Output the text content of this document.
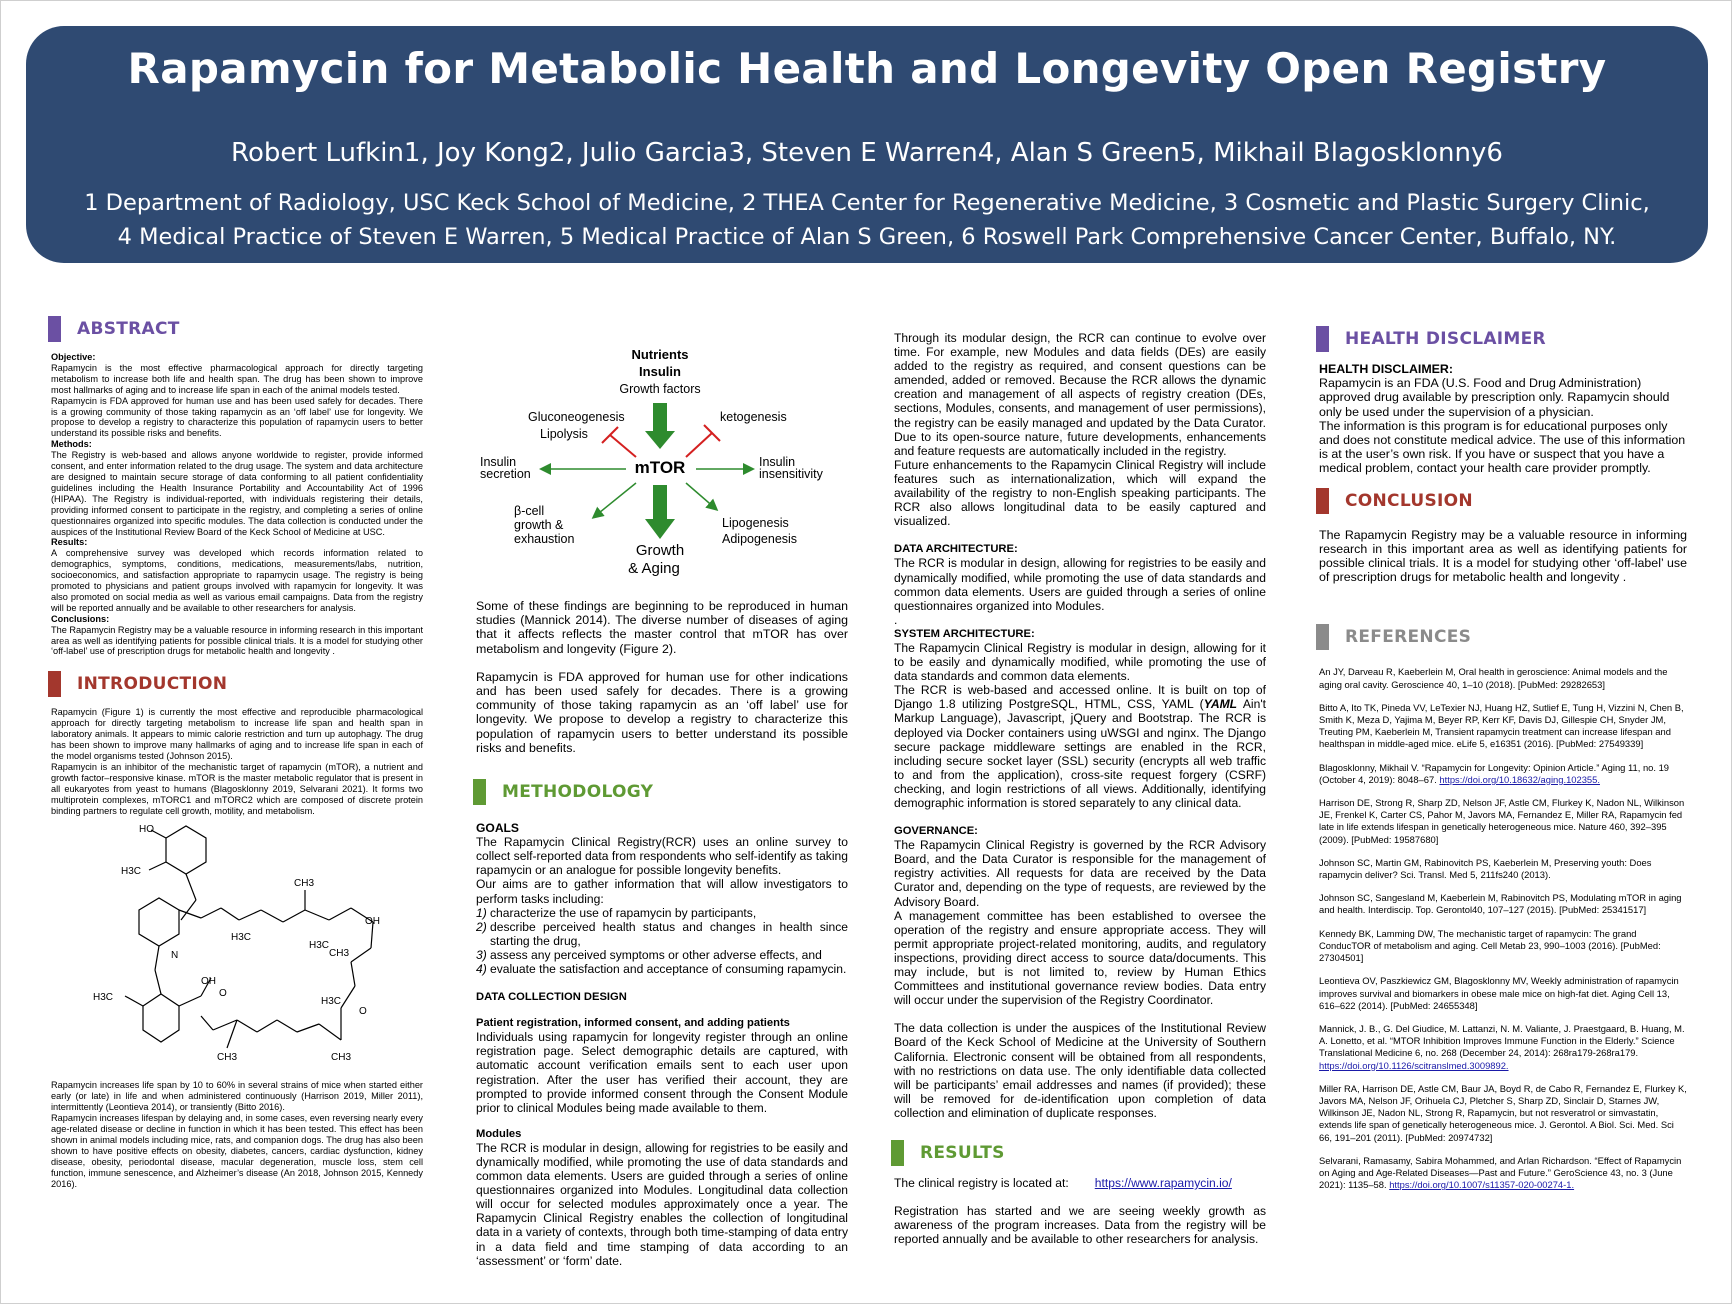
Rapamycin for Metabolic Health and Longevity Open Registry
Robert Lufkin1, Joy Kong2, Julio Garcia3, Steven E Warren4, Alan S Green5, Mikhail Blagosklonny6
1 Department of Radiology, USC Keck School of Medicine, 2 THEA Center for Regenerative Medicine, 3 Cosmetic and Plastic Surgery Clinic,
4 Medical Practice of Steven E Warren, 5 Medical Practice of Alan S Green, 6 Roswell Park Comprehensive Cancer Center, Buffalo, NY.
ABSTRACT

Objective:

Rapamycin is the most effective pharmacological approach for directly targeting metabolism to increase both life and health span. The drug has been shown to improve most hallmarks of aging and to increase life span in each of the animal models tested.

Rapamycin is FDA approved for human use and has been used safely for decades. There is a growing community of those taking rapamycin as an ‘off label’ use for longevity. We propose to develop a registry to characterize this population of rapamycin users to better understand its possible risks and benefits.

Methods:

The Registry is web-based and allows anyone worldwide to register, provide informed consent, and enter information related to the drug usage. The system and data architecture are designed to maintain secure storage of data conforming to all patient confidentiality guidelines including the Health Insurance Portability and Accountability Act of 1996 (HIPAA). The Registry is individual-reported, with individuals registering their details, providing informed consent to participate in the registry, and completing a series of online questionnaires organized into specific modules. The data collection is conducted under the auspices of the Institutional Review Board of the Keck School of Medicine at USC.

Results:

A comprehensive survey was developed which records information related to demographics, symptoms, conditions, medications, measurements/labs, nutrition, socioeconomics, and satisfaction appropriate to rapamycin usage. The registry is being promoted to physicians and patient groups involved with rapamycin for longevity. It was also promoted on social media as well as various email campaigns. Data from the registry will be reported annually and be available to other researchers for analysis.

Conclusions:

The Rapamycin Registry may be a valuable resource in informing research in this important area as well as identifying patients for possible clinical trials. It is a model for studying other ‘off-label’ use of prescription drugs for metabolic health and longevity .

INTRODUCTION

Rapamycin (Figure 1) is currently the most effective and reproducible pharmacological approach for directly targeting metabolism to increase life span and health span in laboratory animals. It appears to mimic calorie restriction and turn up autophagy. The drug has been shown to improve many hallmarks of aging and to increase life span in each of the model organisms tested (Johnson 2015).

Rapamycin is an inhibitor of the mechanistic target of rapamycin (mTOR), a nutrient and growth factor–responsive kinase. mTOR is the master metabolic regulator that is present in all eukaryotes from yeast to humans (Blagosklonny 2019, Selvarani 2021). It forms two multiprotein complexes, mTORC1 and mTORC2 which are composed of discrete protein binding partners to regulate cell growth, motility, and metabolism.

HO
H3C
CH3
H3C
OH
H3C
OH
O
O
N
H3C	H3C
CH3	CH3
CH3

Rapamycin increases life span by 10 to 60% in several strains of mice when started either early (or late) in life and when administered continuously (Harrison 2019, Miller 2011), intermittently (Leontieva 2014), or transiently (Bitto 2016).

Rapamycin increases lifespan by delaying and, in some cases, even reversing nearly every age-related disease or decline in function in which it has been tested. This effect has been shown in animal models including mice, rats, and companion dogs. The drug has also been shown to have positive effects on obesity, diabetes, cancers, cardiac dysfunction, kidney disease, obesity, periodontal disease, macular degeneration, muscle loss, stem cell function, immune senescence, and Alzheimer’s disease (An 2018, Johnson 2015, Kennedy 2016).

Nutrients
Insulin
Growth factors
Gluconeogenesis
Lipolysis
ketogenesis
mTOR
Insulin
secretion
Insulin
insensitivity
β-cell
growth &
exhaustion
Lipogenesis
Adipogenesis
Growth
& Aging

Some of these findings are beginning to be reproduced in human studies (Mannick 2014). The diverse number of diseases of aging that it affects reflects the master control that mTOR has over metabolism and longevity (Figure 2).

Rapamycin is FDA approved for human use for other indications and has been used safely for decades. There is a growing community of those taking rapamycin as an ‘off label’ use for longevity. We propose to develop a registry to characterize this population of rapamycin users to better understand its possible risks and benefits.

METHODOLOGY

GOALS

The Rapamycin Clinical Registry(RCR) uses an online survey to collect self-reported data from respondents who self-identify as taking rapamycin or an analogue for possible longevity benefits.

Our aims are to gather information that will allow investigators to perform tasks including:

1) characterize the use of rapamycin by participants,
2) describe perceived health status and changes in health since starting the drug,
3) assess any perceived symptoms or other adverse effects, and
4) evaluate the satisfaction and acceptance of consuming rapamycin.

DATA COLLECTION DESIGN

Patient registration, informed consent, and adding patients

Individuals using rapamycin for longevity register through an online registration page. Select demographic details are captured, with automatic account verification emails sent to each user upon registration. After the user has verified their account, they are prompted to provide informed consent through the Consent Module prior to clinical Modules being made available to them.

Modules

The RCR is modular in design, allowing for registries to be easily and dynamically modified, while promoting the use of data standards and common data elements. Users are guided through a series of online questionnaires organized into Modules. Longitudinal data collection will occur for selected modules approximately once a year. The Rapamycin Clinical Registry enables the collection of longitudinal data in a variety of contexts, through both time-stamping of data entry in a data field and time stamping of data according to an ‘assessment’ or ‘form’ date.

Through its modular design, the RCR can continue to evolve over time. For example, new Modules and data fields (DEs) are easily added to the registry as required, and consent questions can be amended, added or removed. Because the RCR allows the dynamic creation and management of all aspects of registry creation (DEs, sections, Modules, consents, and management of user permissions), the registry can be easily managed and updated by the Data Curator. Due to its open-source nature, future developments, enhancements and feature requests are automatically included in the registry.

Future enhancements to the Rapamycin Clinical Registry will include features such as internationalization, which will expand the availability of the registry to non-English speaking participants. The RCR also allows longitudinal data to be easily captured and visualized.

DATA ARCHITECTURE:

The RCR is modular in design, allowing for registries to be easily and dynamically modified, while promoting the use of data standards and common data elements. Users are guided through a series of online questionnaires organized into Modules.

.

SYSTEM ARCHITECTURE:

The Rapamycin Clinical Registry is modular in design, allowing for it to be easily and dynamically modified, while promoting the use of data standards and common data elements.

The RCR is web-based and accessed online. It is built on top of Django 1.8 utilizing PostgreSQL, HTML, CSS, YAML (YAML Ain't Markup Language), Javascript, jQuery and Bootstrap. The RCR is deployed via Docker containers using uWSGI and nginx. The Django secure package middleware settings are enabled in the RCR, including secure socket layer (SSL) security (encrypts all web traffic to and from the application), cross-site request forgery (CSRF) checking, and login restrictions of all views. Additionally, identifying demographic information is stored separately to any clinical data.

GOVERNANCE:

The Rapamycin Clinical Registry is governed by the RCR Advisory Board, and the Data Curator is responsible for the management of registry activities. All requests for data are received by the Data Curator and, depending on the type of requests, are reviewed by the Advisory Board.

A management committee has been established to oversee the operation of the registry and ensure appropriate access. They will permit appropriate project-related monitoring, audits, and regulatory inspections, providing direct access to source data/documents. This may include, but is not limited to, review by Human Ethics Committees and institutional governance review bodies. Data entry will occur under the supervision of the Registry Coordinator.

The data collection is under the auspices of the Institutional Review Board of the Keck School of Medicine at the University of Southern California. Electronic consent will be obtained from all respondents, with no restrictions on data use. The only identifiable data collected will be participants’ email addresses and names (if provided); these will be removed for de-identification upon completion of data collection and elimination of duplicate responses.

RESULTS

The clinical registry is located at: https://www.rapamycin.io/

Registration has started and we are seeing weekly growth as awareness of the program increases. Data from the registry will be reported annually and be available to other researchers for analysis.

HEALTH DISCLAIMER

HEALTH DISCLAIMER:

Rapamycin is an FDA (U.S. Food and Drug Administration) approved drug available by prescription only. Rapamycin should only be used under the supervision of a physician.

The information is this program is for educational purposes only and does not constitute medical advice. The use of this information is at the user’s own risk. If you have or suspect that you have a medical problem, contact your health care provider promptly.

CONCLUSION

The Rapamycin Registry may be a valuable resource in informing research in this important area as well as identifying patients for possible clinical trials. It is a model for studying other ‘off-label’ use of prescription drugs for metabolic health and longevity .

REFERENCES

An JY, Darveau R, Kaeberlein M, Oral health in geroscience: Animal models and the aging oral cavity. Geroscience 40, 1–10 (2018). [PubMed: 29282653]

Bitto A, Ito TK, Pineda VV, LeTexier NJ, Huang HZ, Sutlief E, Tung H, Vizzini N, Chen B, Smith K, Meza D, Yajima M, Beyer RP, Kerr KF, Davis DJ, Gillespie CH, Snyder JM, Treuting PM, Kaeberlein M, Transient rapamycin treatment can increase lifespan and healthspan in middle-aged mice. eLife 5, e16351 (2016). [PubMed: 27549339]

Blagosklonny, Mikhail V. “Rapamycin for Longevity: Opinion Article.” Aging 11, no. 19 (October 4, 2019): 8048–67. https://doi.org/10.18632/aging.102355.

Harrison DE, Strong R, Sharp ZD, Nelson JF, Astle CM, Flurkey K, Nadon NL, Wilkinson JE, Frenkel K, Carter CS, Pahor M, Javors MA, Fernandez E, Miller RA, Rapamycin fed late in life extends lifespan in genetically heterogeneous mice. Nature 460, 392–395 (2009). [PubMed: 19587680]

Johnson SC, Martin GM, Rabinovitch PS, Kaeberlein M, Preserving youth: Does rapamycin deliver? Sci. Transl. Med 5, 211fs240 (2013).

Johnson SC, Sangesland M, Kaeberlein M, Rabinovitch PS, Modulating mTOR in aging and health. Interdiscip. Top. Gerontol40, 107–127 (2015). [PubMed: 25341517]

Kennedy BK, Lamming DW, The mechanistic target of rapamycin: The grand ConducTOR of metabolism and aging. Cell Metab 23, 990–1003 (2016). [PubMed: 27304501]

Leontieva OV, Paszkiewicz GM, Blagosklonny MV, Weekly administration of rapamycin improves survival and biomarkers in obese male mice on high-fat diet. Aging Cell 13, 616–622 (2014). [PubMed: 24655348]

Mannick, J. B., G. Del Giudice, M. Lattanzi, N. M. Valiante, J. Praestgaard, B. Huang, M. A. Lonetto, et al. “MTOR Inhibition Improves Immune Function in the Elderly.” Science Translational Medicine 6, no. 268 (December 24, 2014): 268ra179-268ra179. https://doi.org/10.1126/scitranslmed.3009892.

Miller RA, Harrison DE, Astle CM, Baur JA, Boyd R, de Cabo R, Fernandez E, Flurkey K, Javors MA, Nelson JF, Orihuela CJ, Pletcher S, Sharp ZD, Sinclair D, Starnes JW, Wilkinson JE, Nadon NL, Strong R, Rapamycin, but not resveratrol or simvastatin, extends life span of genetically heterogeneous mice. J. Gerontol. A Biol. Sci. Med. Sci 66, 191–201 (2011). [PubMed: 20974732]

Selvarani, Ramasamy, Sabira Mohammed, and Arlan Richardson. “Effect of Rapamycin on Aging and Age-Related Diseases—Past and Future.” GeroScience 43, no. 3 (June 2021): 1135–58. https://doi.org/10.1007/s11357-020-00274-1.
